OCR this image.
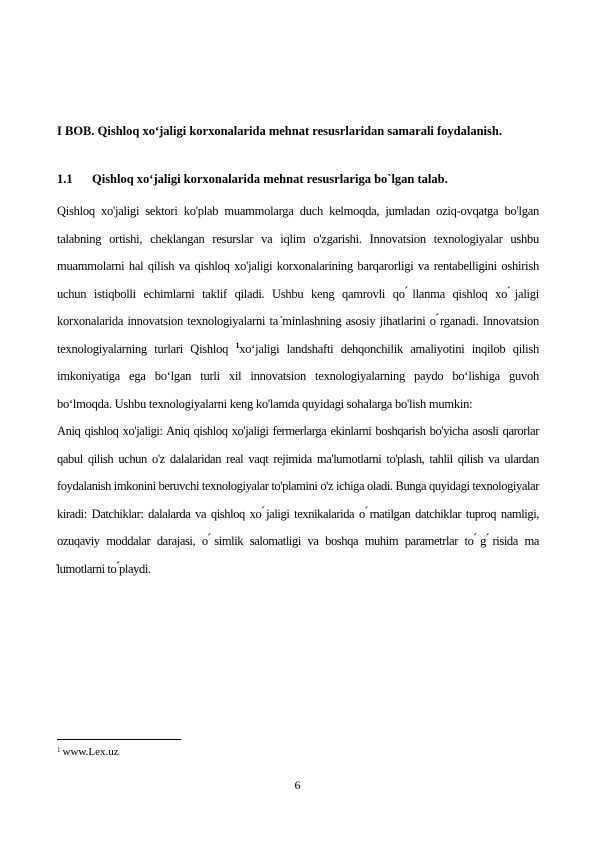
I BOB. Qishloq xo‘jaligi korxonalarida mehnat resusrlaridan samarali foydalanish.
1.1 Qishloq xo‘jaligi korxonalarida mehnat resusrlariga bo`lgan talab.

Qishloq xo'jaligi sektori ko'plab muammolarga duch kelmoqda, jumladan oziq-ovqatga bo'lgan talabning ortishi, cheklangan resurslar va iqlim o'zgarishi. Innovatsion texnologiyalar ushbu muammolarni hal qilish va qishloq xo'jaligi korxonalarining barqarorligi va rentabelligini oshirish uchun istiqbolli echimlarni taklif qiladi. Ushbu keng qamrovli qo ́llanma qishloq xo ́jaligi korxonalarida innovatsion texnologiyalarni ta ̓minlashning asosiy jihatlarini o ́rganadi. Innovatsion texnologiyalarning turlari Qishloq $^1$xo‘jaligi landshafti dehqonchilik amaliyotini inqilob qilish imkoniyatiga ega bo‘lgan turli xil innovatsion texnologiyalarning paydo bo‘lishiga guvoh bo‘lmoqda. Ushbu texnologiyalarni keng ko'lamda quyidagi sohalarga bo'lish mumkin:

Aniq qishloq xo'jaligi: Aniq qishloq xo'jaligi fermerlarga ekinlarni boshqarish bo'yicha asosli qarorlar qabul qilish uchun o'z dalalaridan real vaqt rejimida ma'lumotlarni to'plash, tahlil qilish va ulardan foydalanish imkonini beruvchi texnologiyalar to'plamini o'z ichiga oladi. Bunga quyidagi texnologiyalar kiradi: Datchiklar: dalalarda va qishloq xo ́jaligi texnikalarida o ́rnatilgan datchiklar tuproq namligi, ozuqaviy moddalar darajasi, o ́simlik salomatligi va boshqa muhim parametrlar to ́g ́risida ma ̓lumotlarni to ́playdi.

$^1$ www.Lex.uz
6
